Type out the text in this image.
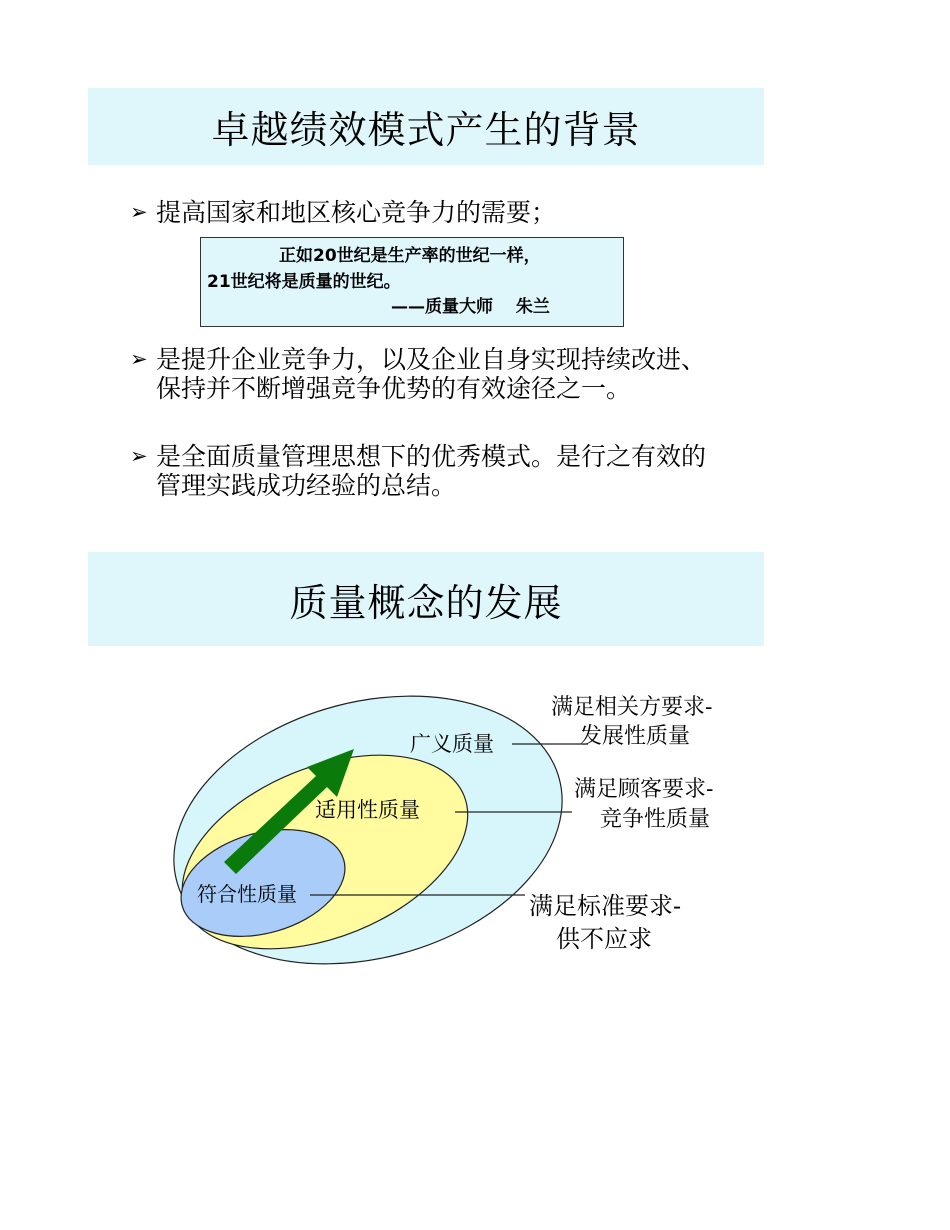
卓越绩效模式产生的背景
➢ 提高国家和地区核心竞争力的需要；
正如20世纪是生产率的世纪一样，
21世纪将是质量的世纪。
——质量大师　 朱兰
➢ 是提升企业竞争力，以及企业自身实现持续改进、保持并不断增强竞争优势的有效途径之一。
➢ 是全面质量管理思想下的优秀模式。是行之有效的管理实践成功经验的总结。
质量概念的发展
广义质量
适用性质量
符合性质量
满足相关方要求-
发展性质量
满足顾客要求-
竞争性质量
满足标准要求-
供不应求
